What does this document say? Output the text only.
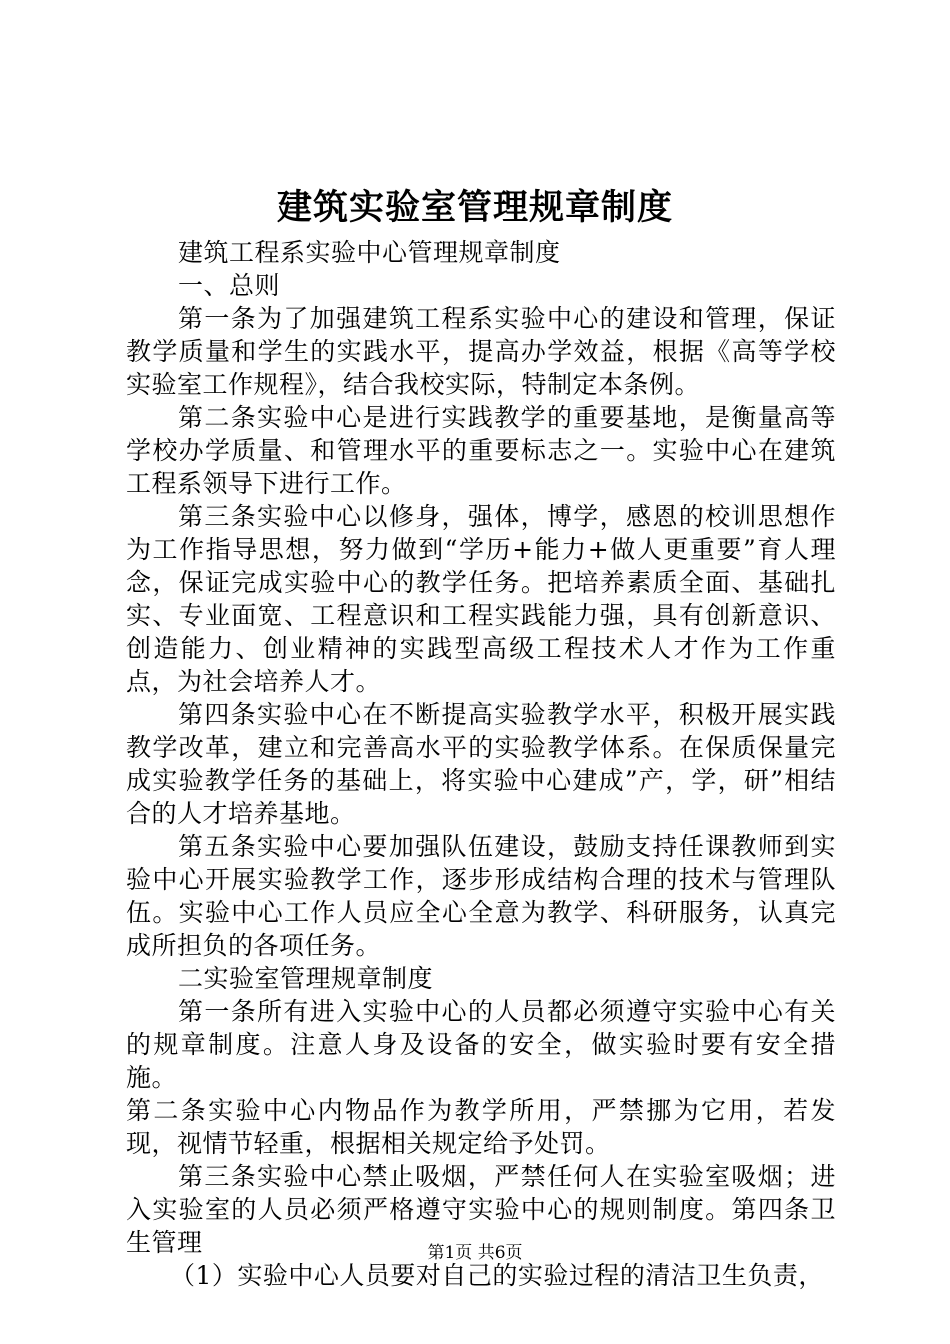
建筑实验室管理规章制度

建筑工程系实验中心管理规章制度

一、总则

第一条为了加强建筑工程系实验中心的建设和管理，保证教学质量和学生的实践水平，提高办学效益，根据《高等学校实验室工作规程》，结合我校实际，特制定本条例。

第二条实验中心是进行实践教学的重要基地，是衡量高等学校办学质量、和管理水平的重要标志之一。实验中心在建筑工程系领导下进行工作。

第三条实验中心以修身，强体，博学，感恩的校训思想作为工作指导思想，努力做到“学历+能力+做人更重要”育人理念，保证完成实验中心的教学任务。把培养素质全面、基础扎实、专业面宽、工程意识和工程实践能力强，具有创新意识、创造能力、创业精神的实践型高级工程技术人才作为工作重点，为社会培养人才。

第四条实验中心在不断提高实验教学水平，积极开展实践教学改革，建立和完善高水平的实验教学体系。在保质保量完成实验教学任务的基础上，将实验中心建成”产，学，研”相结合的人才培养基地。

第五条实验中心要加强队伍建设，鼓励支持任课教师到实验中心开展实验教学工作，逐步形成结构合理的技术与管理队伍。实验中心工作人员应全心全意为教学、科研服务，认真完成所担负的各项任务。

二实验室管理规章制度

第一条所有进入实验中心的人员都必须遵守实验中心有关的规章制度。注意人身及设备的安全，做实验时要有安全措施。

第二条实验中心内物品作为教学所用，严禁挪为它用，若发现，视情节轻重，根据相关规定给予处罚。

第三条实验中心禁止吸烟，严禁任何人在实验室吸烟；进入实验室的人员必须严格遵守实验中心的规则制度。第四条卫生管理

（1）实验中心人员要对自己的实验过程的清洁卫生负责，

第1页 共6页
